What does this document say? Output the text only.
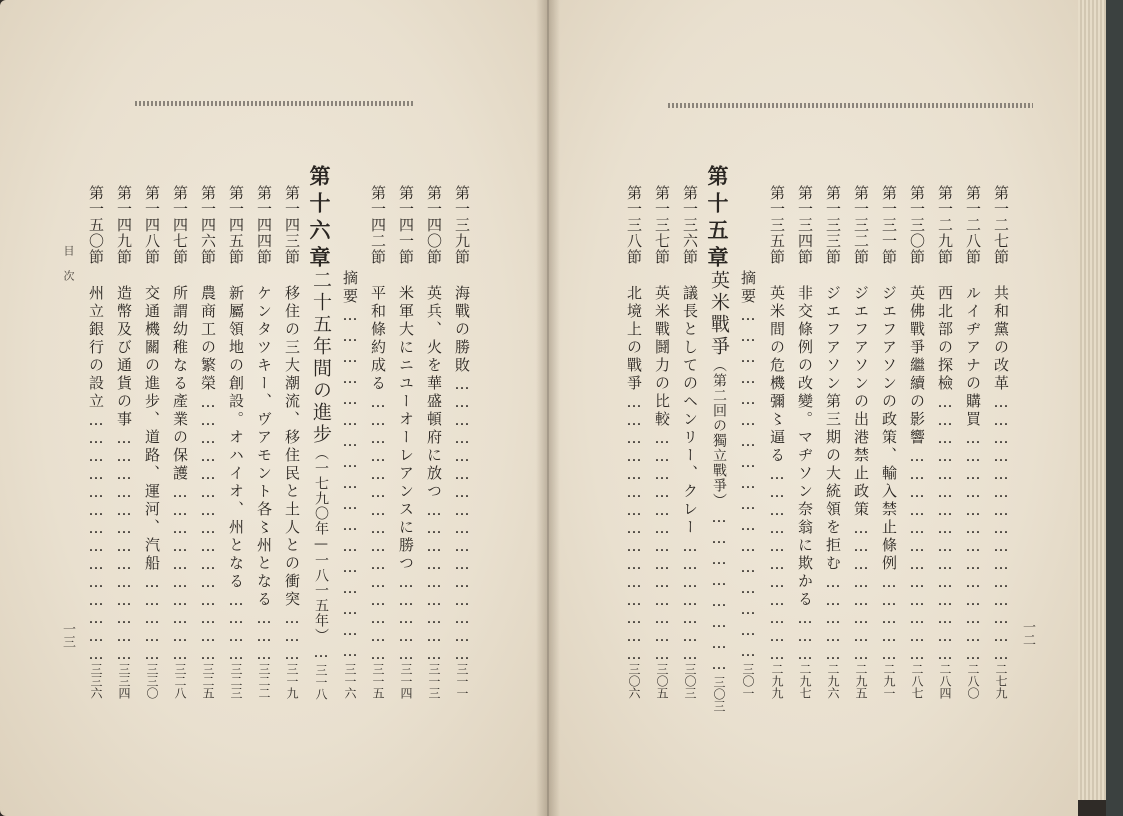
目次
一三	一二
第一二七節共和黨の改革………………………………………二七九
第一二八節ルイヂアナの購買…………………………………二八〇
第一二九節西北部の探檢………………………………………二八四
第一三〇節英佛戰爭繼續の影響………………………………二八七
第一三一節ジエフアソンの政策、輸入禁止條例……………二九一
第一三二節ジエフアソンの出港禁止政策……………………二九五
第一三三節ジエフアソン第三期の大統領を拒む……………二九六
第一三四節非交條例の改變。マヂソン奈翁に欺かる………二九七
第一三五節英米間の危機彌〻逼る……………………………二九九
摘要……………………………………………三〇一
第十五章
英米戰爭（第二回の獨立戰爭）……………………三〇三
第一三六節議長としてのヘンリー、クレー…………………三〇三
第一三七節英米戰鬪力の比較…………………………………三〇五
第一三八節北境上の戰爭………………………………………三〇六
第一三九節海戰の勝敗…………………………………………三一一
第一四〇節英兵、火を華盛頓府に放つ………………………三一三
第一四一節米軍大にニユーオーレアンスに勝つ……………三一四
第一四二節平和條約成る………………………………………三一五
摘要……………………………………………三一六
第十六章
二十五年間の進步（一七九〇年—一八一五年）…三一八
第一四三節移住の三大潮流、移住民と土人との衝突………三一九
第一四四節ケンタツキー、ヴアモント各〻州となる………三二二
第一四五節新屬領地の創設。オハイオ、州となる…………三二三
第一四六節農商工の繁榮………………………………………三二五
第一四七節所謂幼稚なる產業の保護…………………………三二八
第一四八節交通機關の進步、道路、運河、汽船……………三三〇
第一四九節造幣及び通貨の事…………………………………三三四
第一五〇節州立銀行の設立……………………………………三三六
